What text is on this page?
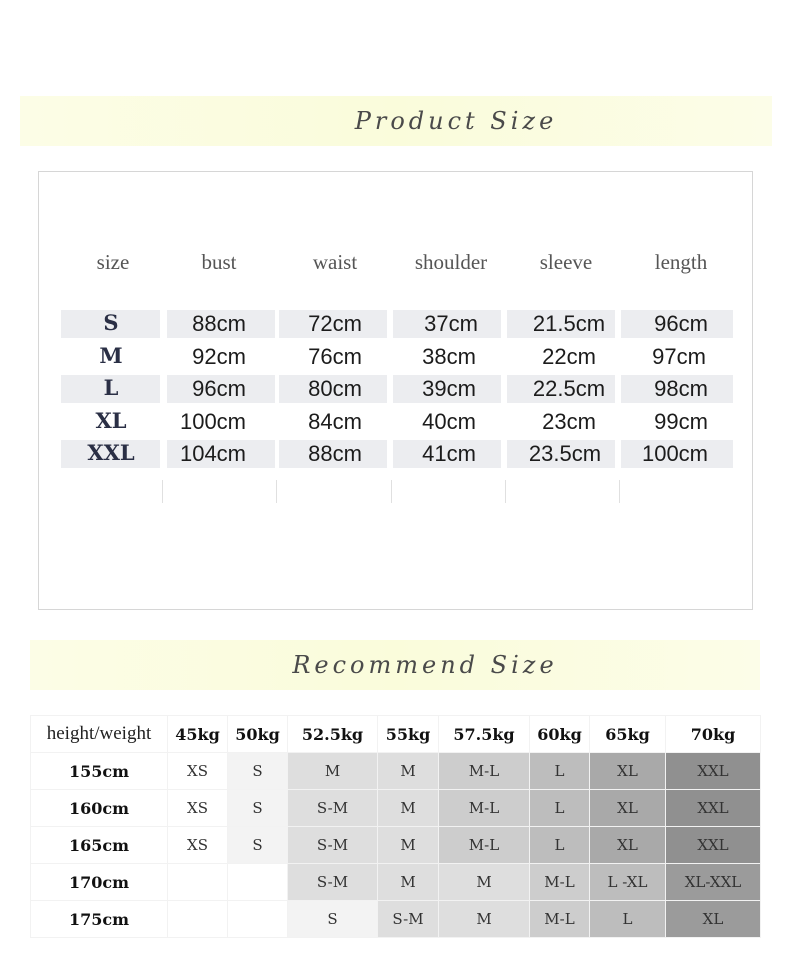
Product Size
size	bust	waist	shoulder	sleeve	length
S	88cm	72cm	37cm	21.5cm 96cm
M	92cm	76cm	38cm	22cm	97cm
L	96cm	80cm	39cm	22.5cm 98cm
XL 100cm	84cm	40cm	23cm	99cm
XXL 104cm	88cm	41cm 23.5cm 100cm
Recommend Size
height/weight	45kg	50kg	52.5kg	55kg	57.5kg	60kg	65kg	70kg
155cm	XS	S	M	M	M-L	L	XL	XXL
160cm	XS	S	S-M	M	M-L	L	XL	XXL
165cm	XS	S	S-M	M	M-L	L	XL	XXL
170cm			S-M	M	M	M-L	L -XL	XL-XXL
175cm			S	S-M	M	M-L	L	XL
